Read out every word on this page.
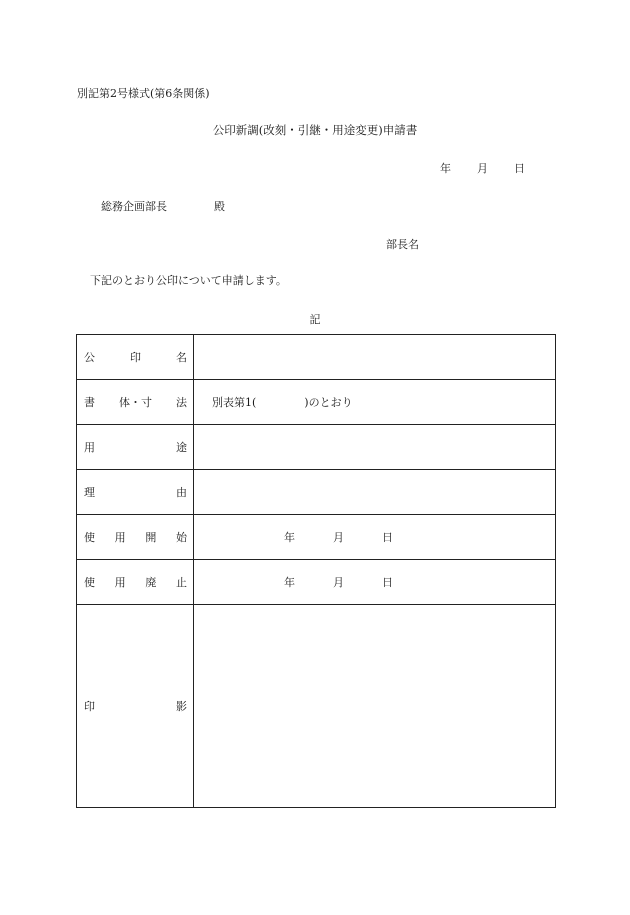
別記第2号様式(第6条関係)
公印新調(改刻・引継・用途変更)申請書
年 月 日
総務企画部長	殿
部長名
下記のとおり公印について申請します。
記
公 印 名	

書 体・寸 法	別表第1( )のとおり

用 途	

理 由	

使 用 開 始	年 月 日

使 用 廃 止	年 月 日

印 影	
